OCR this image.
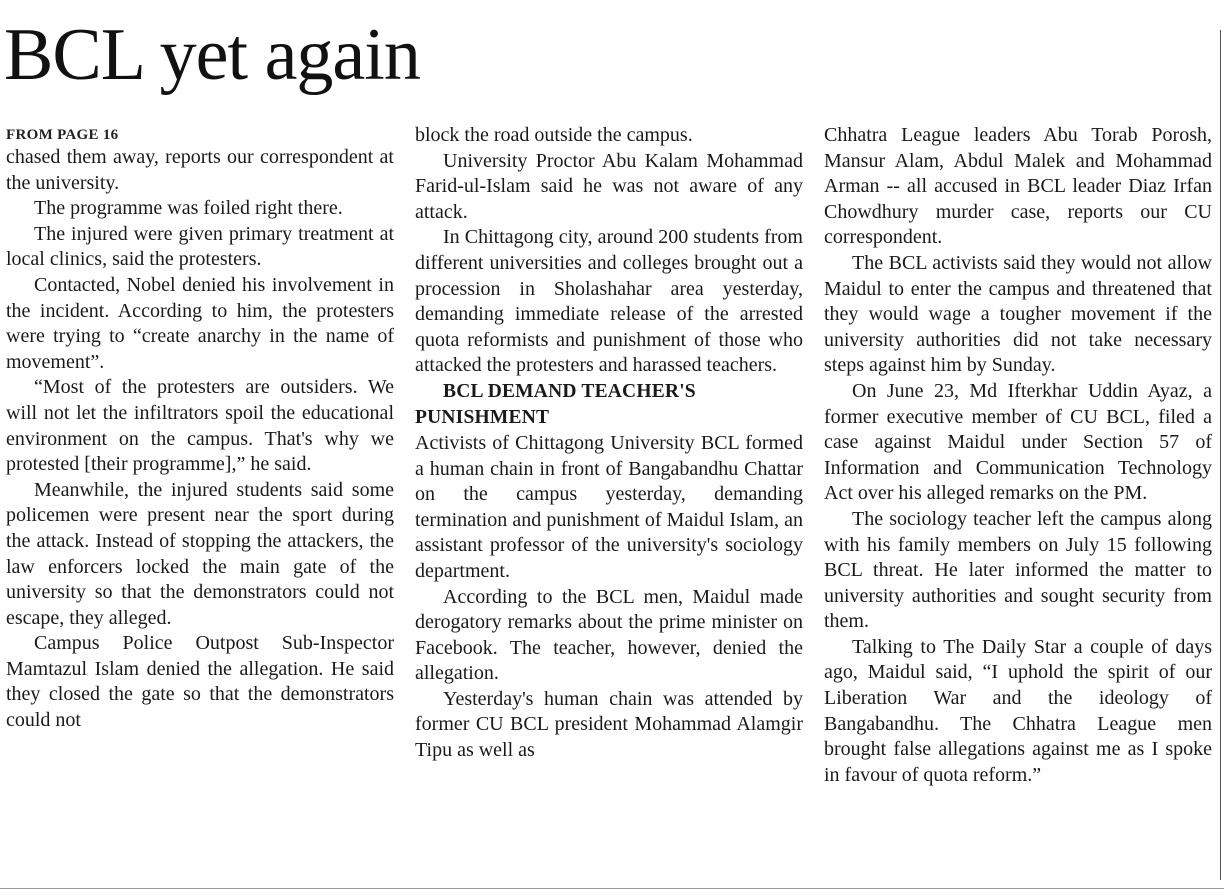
BCL yet again
FROM PAGE 16

chased them away, reports our correspondent at the university.

The programme was foiled right there.

The injured were given primary treatment at local clinics, said the protesters.

Contacted, Nobel denied his involvement in the incident. According to him, the protesters were trying to “create anarchy in the name of movement”.

“Most of the protesters are outsiders. We will not let the infiltrators spoil the educational environment on the campus. That's why we protested [their programme],” he said.

Meanwhile, the injured students said some policemen were present near the sport during the attack. Instead of stopping the attackers, the law enforcers locked the main gate of the university so that the demonstrators could not escape, they alleged.

Campus Police Outpost Sub-Inspector Mamtazul Islam denied the allegation. He said they closed the gate so that the demonstrators could not

block the road outside the campus.

University Proctor Abu Kalam Mohammad Farid-ul-Islam said he was not aware of any attack.

In Chittagong city, around 200 students from different universities and colleges brought out a procession in Sholashahar area yesterday, demanding immediate release of the arrested quota reformists and punishment of those who attacked the protesters and harassed teachers.

BCL DEMAND TEACHER'S PUNISHMENT

Activists of Chittagong University BCL formed a human chain in front of Bangabandhu Chattar on the campus yesterday, demanding termination and punishment of Maidul Islam, an assistant professor of the university's sociology department.

According to the BCL men, Maidul made derogatory remarks about the prime minister on Facebook. The teacher, however, denied the allegation.

Yesterday's human chain was attended by former CU BCL president Mohammad Alamgir Tipu as well as

Chhatra League leaders Abu Torab Porosh, Mansur Alam, Abdul Malek and Mohammad Arman -- all accused in BCL leader Diaz Irfan Chowdhury murder case, reports our CU correspondent.

The BCL activists said they would not allow Maidul to enter the campus and threatened that they would wage a tougher movement if the university authorities did not take necessary steps against him by Sunday.

On June 23, Md Ifterkhar Uddin Ayaz, a former executive member of CU BCL, filed a case against Maidul under Section 57 of Information and Communication Technology Act over his alleged remarks on the PM.

The sociology teacher left the campus along with his family members on July 15 following BCL threat. He later informed the matter to university authorities and sought security from them.

Talking to The Daily Star a couple of days ago, Maidul said, “I uphold the spirit of our Liberation War and the ideology of Bangabandhu. The Chhatra League men brought false allegations against me as I spoke in favour of quota reform.”
